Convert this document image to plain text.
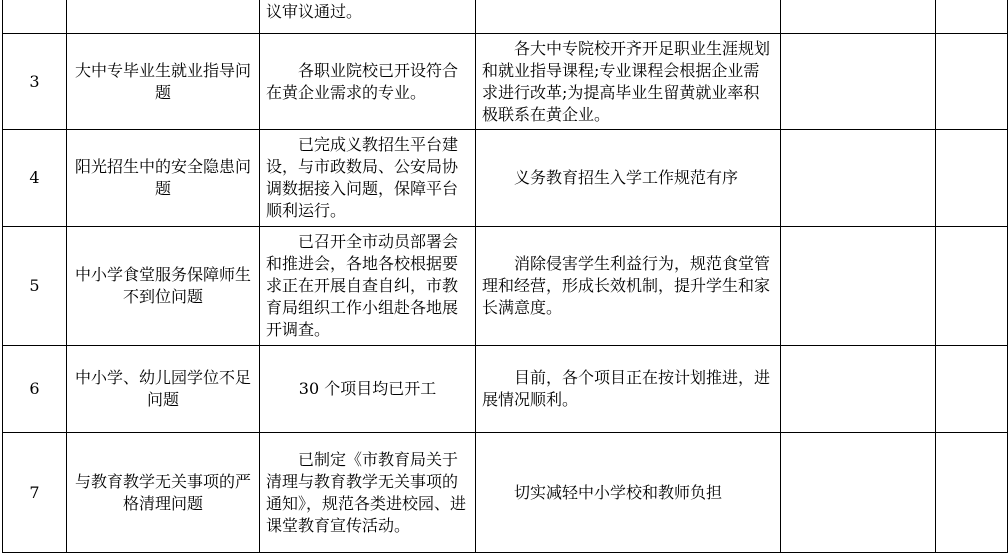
		议审议通过。			
3	大中专毕业生就业指导问题	各职业院校已开设符合在黄企业需求的专业。	各大中专院校开齐开足职业生涯规划和就业指导课程;专业课程会根据企业需求进行改革;为提高毕业生留黄就业率积极联系在黄企业。		
4	阳光招生中的安全隐患问题	已完成义教招生平台建设，与市政数局、公安局协调数据接入问题，保障平台顺利运行。	义务教育招生入学工作规范有序		
5	中小学食堂服务保障师生不到位问题	已召开全市动员部署会和推进会，各地各校根据要求正在开展自查自纠，市教育局组织工作小组赴各地展开调查。	消除侵害学生利益行为，规范食堂管理和经营，形成长效机制，提升学生和家长满意度。		
6	中小学、幼儿园学位不足问题	30 个项目均已开工	目前，各个项目正在按计划推进，进展情况顺利。		
7	与教育教学无关事项的严格清理问题	已制定《市教育局关于清理与教育教学无关事项的通知》，规范各类进校园、进课堂教育宣传活动。	切实减轻中小学校和教师负担		
